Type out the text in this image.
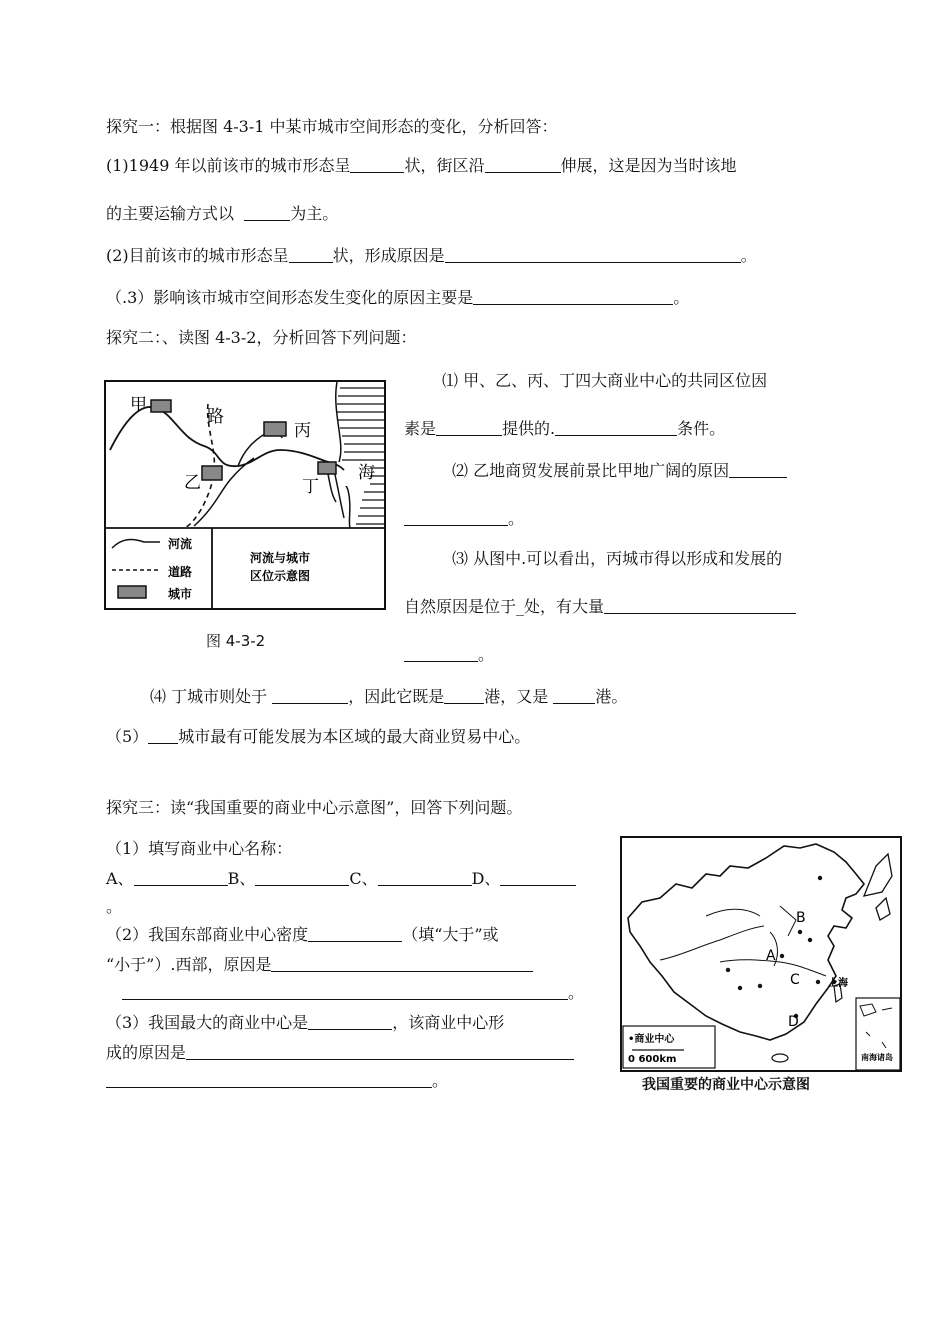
探究一：根据图 4-3-1 中某市城市空间形态的变化，分析回答：
(1)1949 年以前该市的城市形态呈	状，街区沿	伸展，这是因为当时该地
的主要运输方式以	为主。
(2)目前该市的城市形态呈	状，形成原因是	。
（.3）影响该市城市空间形态发生变化的原因主要是	。
探究二：、读图 4-3-2，分析回答下列问题：
甲
路
丙
海
乙	丁
河流
道路
城市
河流与城市
区位示意图
图 4-3-2
⑴ 甲、乙、丙、丁四大商业中心的共同区位因
素是	提供的.	条件。
⑵ 乙地商贸发展前景比甲地广阔的原因
。
⑶ 从图中.可以看出，丙城市得以形成和发展的
自然原因是位于_处，有大量
。
⑷ 丁城市则处于	，因此它既是	港，又是	港。
（5） 城市最有可能发展为本区域的最大商业贸易中心。
探究三：读“我国重要的商业中心示意图”，回答下列问题。
（1）填写商业中心名称：
A、	B、	C、	D、
。
（2）我国东部商业中心密度	（填“大于”或
“小于”）.西部，原因是
。
（3）我国最大的商业中心是	，该商业中心形
成的原因是
。
B
A
C
D
上海
•商业中心
0 600km	南海诸岛
我国重要的商业中心示意图
